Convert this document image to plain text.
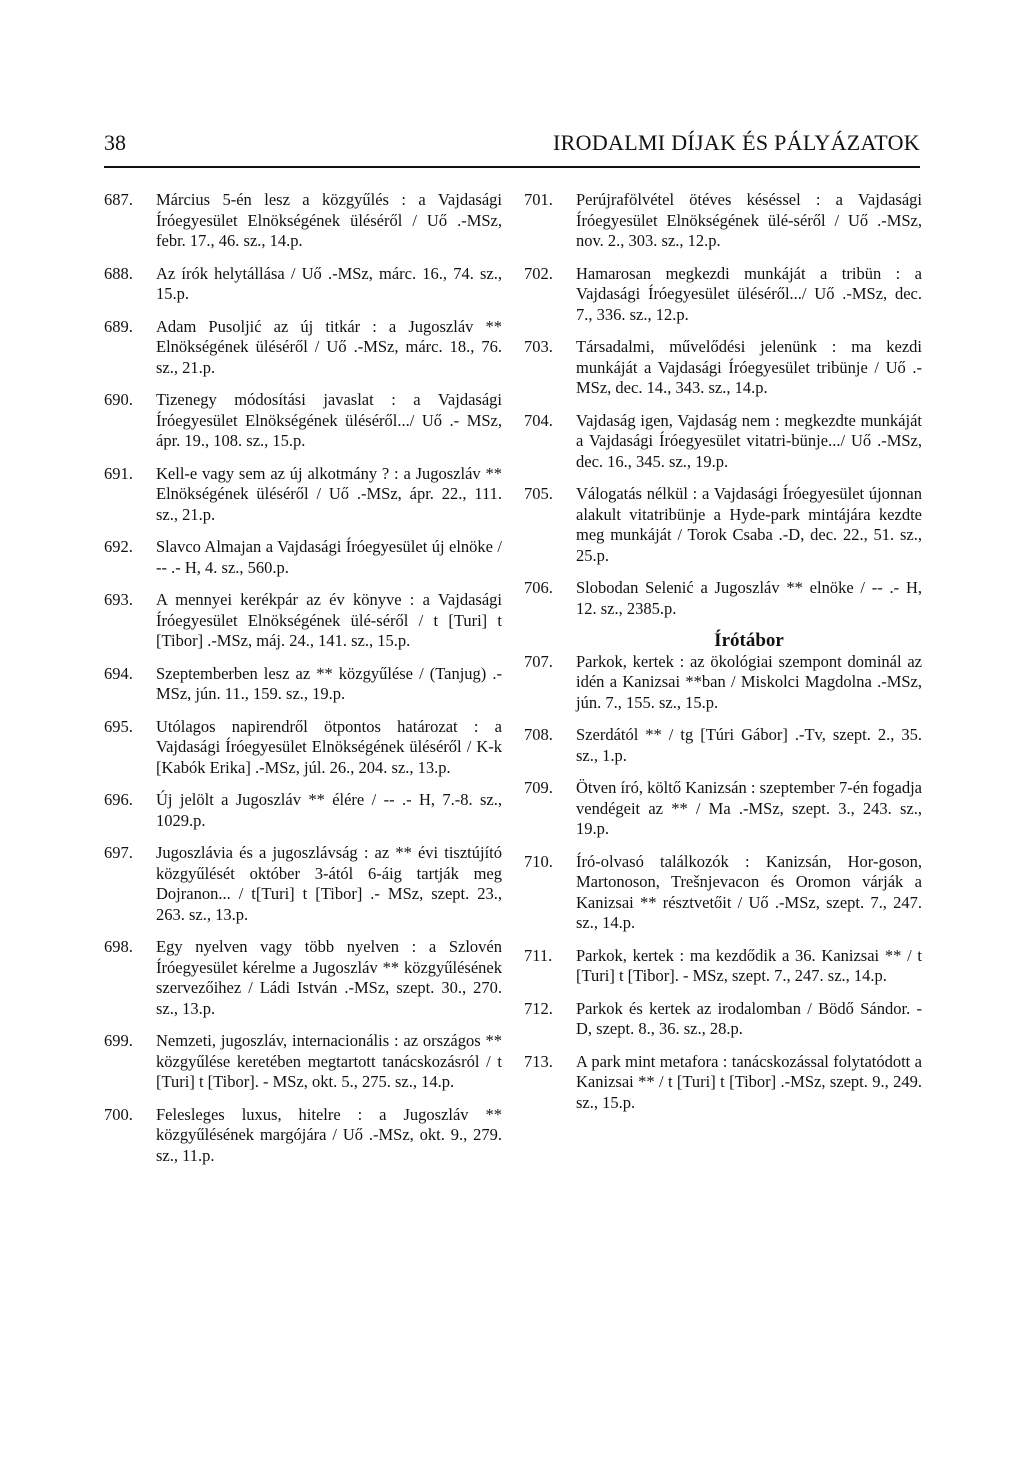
38	IRODALMI DÍJAK ÉS PÁLYÁZATOK
687. Március 5-én lesz a közgyűlés : a Vajdasági Íróegyesület Elnökségének üléséről / Uő .-MSz, febr. 17., 46. sz., 14.p.
688. Az írók helytállása / Uő .-MSz, márc. 16., 74. sz., 15.p.
689. Adam Pusoljić az új titkár : a Jugoszláv ** Elnökségének üléséről / Uő .-MSz, márc. 18., 76. sz., 21.p.
690. Tizenegy módosítási javaslat : a Vajdasági Íróegyesület Elnökségének üléséről.../ Uő .- MSz, ápr. 19., 108. sz., 15.p.
691. Kell-e vagy sem az új alkotmány ? : a Jugoszláv ** Elnökségének üléséről / Uő .-MSz, ápr. 22., 111. sz., 21.p.
692. Slavco Almajan a Vajdasági Íróegyesület új elnöke / -- .- H, 4. sz., 560.p.
693. A mennyei kerékpár az év könyve : a Vajdasági Íróegyesület Elnökségének ülé-séről / t [Turi] t [Tibor] .-MSz, máj. 24., 141. sz., 15.p.
694. Szeptemberben lesz az ** közgyűlése / (Tanjug) .-MSz, jún. 11., 159. sz., 19.p.
695. Utólagos napirendről ötpontos határozat : a Vajdasági Íróegyesület Elnökségének üléséről / K-k [Kabók Erika] .-MSz, júl. 26., 204. sz., 13.p.
696. Új jelölt a Jugoszláv ** élére / -- .- H, 7.-8. sz., 1029.p.
697. Jugoszlávia és a jugoszlávság : az ** évi tisztújító közgyűlését október 3-ától 6-áig tartják meg Dojranon... / t[Turi] t [Tibor] .- MSz, szept. 23., 263. sz., 13.p.
698. Egy nyelven vagy több nyelven : a Szlovén Íróegyesület kérelme a Jugoszláv ** közgyűlésének szervezőihez / Ládi István .-MSz, szept. 30., 270. sz., 13.p.
699. Nemzeti, jugoszláv, internacionális : az országos ** közgyűlése keretében megtartott tanácskozásról / t [Turi] t [Tibor]. - MSz, okt. 5., 275. sz., 14.p.
700. Felesleges luxus, hitelre : a Jugoszláv ** közgyűlésének margójára / Uő .-MSz, okt. 9., 279. sz., 11.p.
701. Perújrafölvétel ötéves késéssel : a Vajdasági Íróegyesület Elnökségének ülé-séről / Uő .-MSz, nov. 2., 303. sz., 12.p.
702. Hamarosan megkezdi munkáját a tribün : a Vajdasági Íróegyesület üléséről.../ Uő .-MSz, dec. 7., 336. sz., 12.p.
703. Társadalmi, művelődési jelenünk : ma kezdi munkáját a Vajdasági Íróegyesület tribünje / Uő .- MSz, dec. 14., 343. sz., 14.p.
704. Vajdaság igen, Vajdaság nem : megkezdte munkáját a Vajdasági Íróegyesület vitatri-bünje.../ Uő .-MSz, dec. 16., 345. sz., 19.p.
705. Válogatás nélkül : a Vajdasági Íróegyesület újonnan alakult vitatribünje a Hyde-park mintájára kezdte meg munkáját / Torok Csaba .-D, dec. 22., 51. sz., 25.p.
706. Slobodan Selenić a Jugoszláv ** elnöke / -- .- H, 12. sz., 2385.p.
Írótábor
707. Parkok, kertek : az ökológiai szempont dominál az idén a Kanizsai **ban / Miskolci Magdolna .-MSz, jún. 7., 155. sz., 15.p.
708. Szerdától ** / tg [Túri Gábor] .-Tv, szept. 2., 35. sz., 1.p.
709. Ötven író, költő Kanizsán : szeptember 7-én fogadja vendégeit az ** / Ma .-MSz, szept. 3., 243. sz., 19.p.
710. Író-olvasó találkozók : Kanizsán, Hor-goson, Martonoson, Trešnjevacon és Oromon várják a Kanizsai ** résztvetőit / Uő .-MSz, szept. 7., 247. sz., 14.p.
711. Parkok, kertek : ma kezdődik a 36. Kanizsai ** / t [Turi] t [Tibor]. - MSz, szept. 7., 247. sz., 14.p.
712. Parkok és kertek az irodalomban / Bödő Sándor. - D, szept. 8., 36. sz., 28.p.
713. A park mint metafora : tanácskozással folytatódott a Kanizsai ** / t [Turi] t [Tibor] .-MSz, szept. 9., 249. sz., 15.p.
